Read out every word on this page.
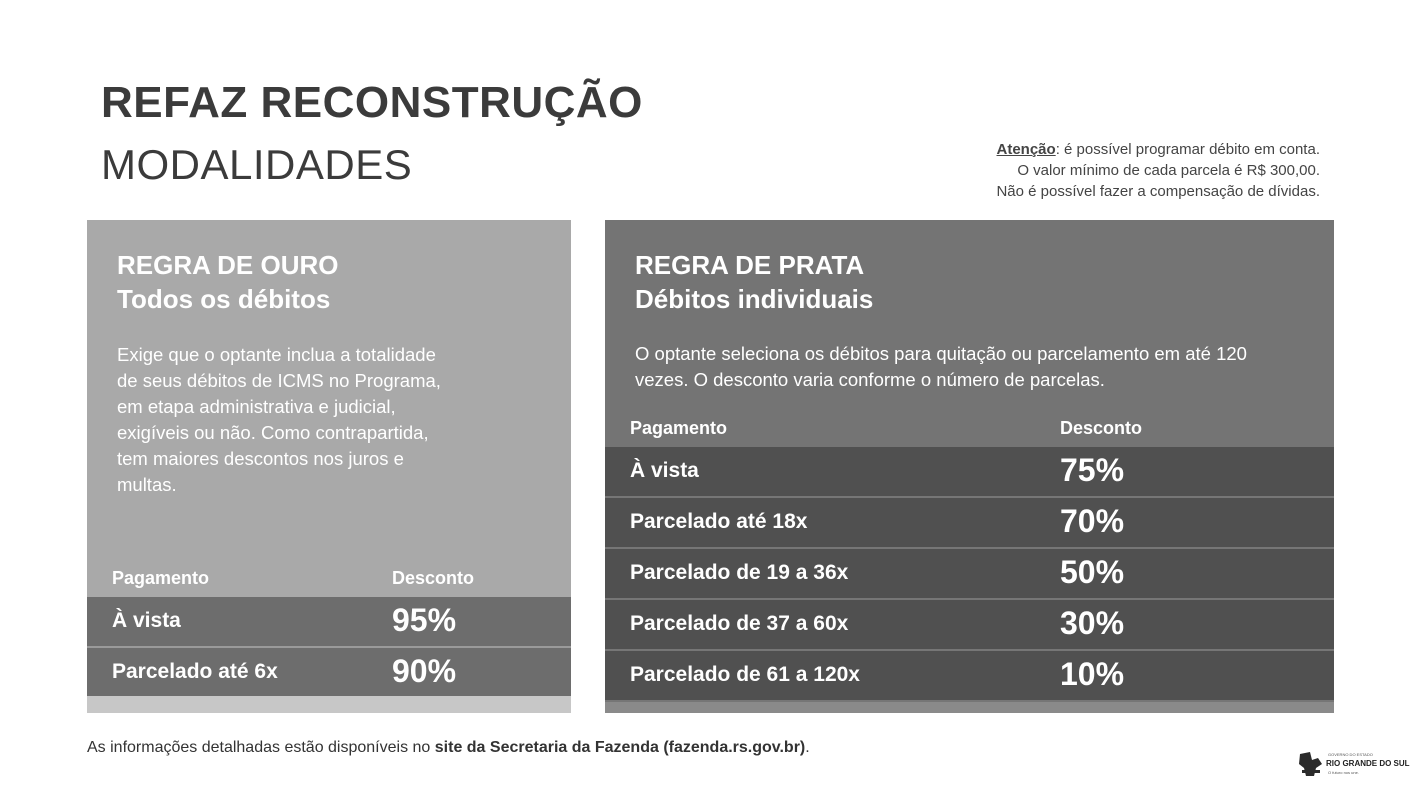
REFAZ RECONSTRUÇÃO
MODALIDADES	Atenção: é possível programar débito em conta.
O valor mínimo de cada parcela é R$ 300,00.
Não é possível fazer a compensação de dívidas.
REGRA DE OURO
Todos os débitos
Exige que o optante inclua a totalidade de seus débitos de ICMS no Programa, em etapa administrativa e judicial, exigíveis ou não. Como contrapartida, tem maiores descontos nos juros e multas.
Pagamento	Desconto
À vista	95%
Parcelado até 6x	90%
REGRA DE PRATA
Débitos individuais
O optante seleciona os débitos para quitação ou parcelamento em até 120 vezes. O desconto varia conforme o número de parcelas.
Pagamento	Desconto
À vista	75%
Parcelado até 18x	70%
Parcelado de 19 a 36x	50%
Parcelado de 37 a 60x	30%
Parcelado de 61 a 120x	10%
As informações detalhadas estão disponíveis no site da Secretaria da Fazenda (fazenda.rs.gov.br).	GOVERNO DO ESTADO
RIO GRANDE DO SUL
O futuro nos une.
